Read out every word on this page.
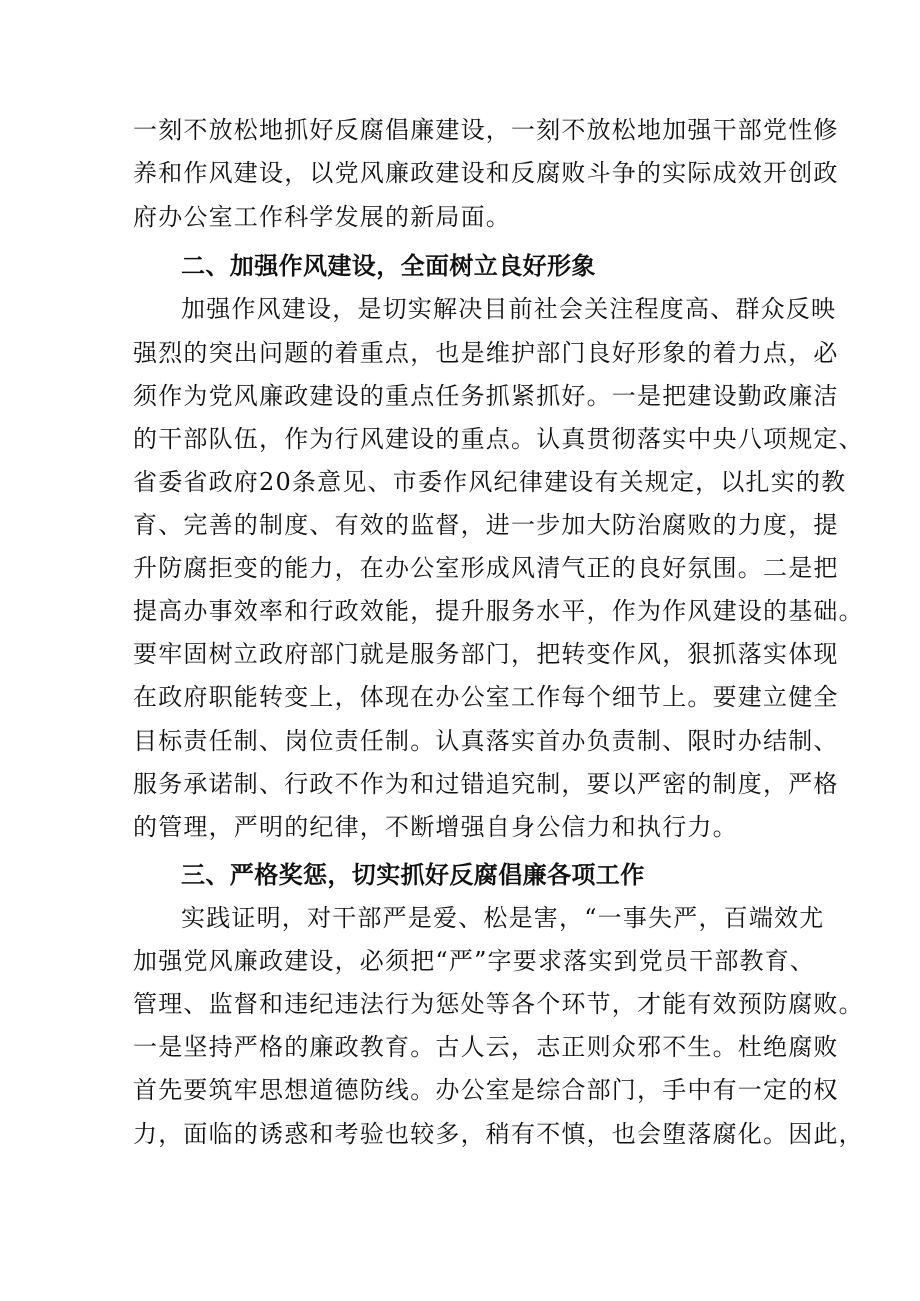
一刻不放松地抓好反腐倡廉建设，一刻不放松地加强干部党性修
养和作风建设，以党风廉政建设和反腐败斗争的实际成效开创政
府办公室工作科学发展的新局面。
二、加强作风建设，全面树立良好形象
加强作风建设，是切实解决目前社会关注程度高、群众反映
强烈的突出问题的着重点，也是维护部门良好形象的着力点，必
须作为党风廉政建设的重点任务抓紧抓好。一是把建设勤政廉洁
的干部队伍，作为行风建设的重点。认真贯彻落实中央八项规定、
省委省政府20条意见、市委作风纪律建设有关规定，以扎实的教
育、完善的制度、有效的监督，进一步加大防治腐败的力度，提
升防腐拒变的能力，在办公室形成风清气正的良好氛围。二是把
提高办事效率和行政效能，提升服务水平，作为作风建设的基础。
要牢固树立政府部门就是服务部门，把转变作风，狠抓落实体现
在政府职能转变上，体现在办公室工作每个细节上。要建立健全
目标责任制、岗位责任制。认真落实首办负责制、限时办结制、
服务承诺制、行政不作为和过错追究制，要以严密的制度，严格
的管理，严明的纪律，不断增强自身公信力和执行力。
三、严格奖惩，切实抓好反腐倡廉各项工作
实践证明，对干部严是爱、松是害，“一事失严，百端效尤
加强党风廉政建设，必须把“严”字要求落实到党员干部教育、
管理、监督和违纪违法行为惩处等各个环节，才能有效预防腐败。
一是坚持严格的廉政教育。古人云，志正则众邪不生。杜绝腐败
首先要筑牢思想道德防线。办公室是综合部门，手中有一定的权
力，面临的诱惑和考验也较多，稍有不慎，也会堕落腐化。因此，
